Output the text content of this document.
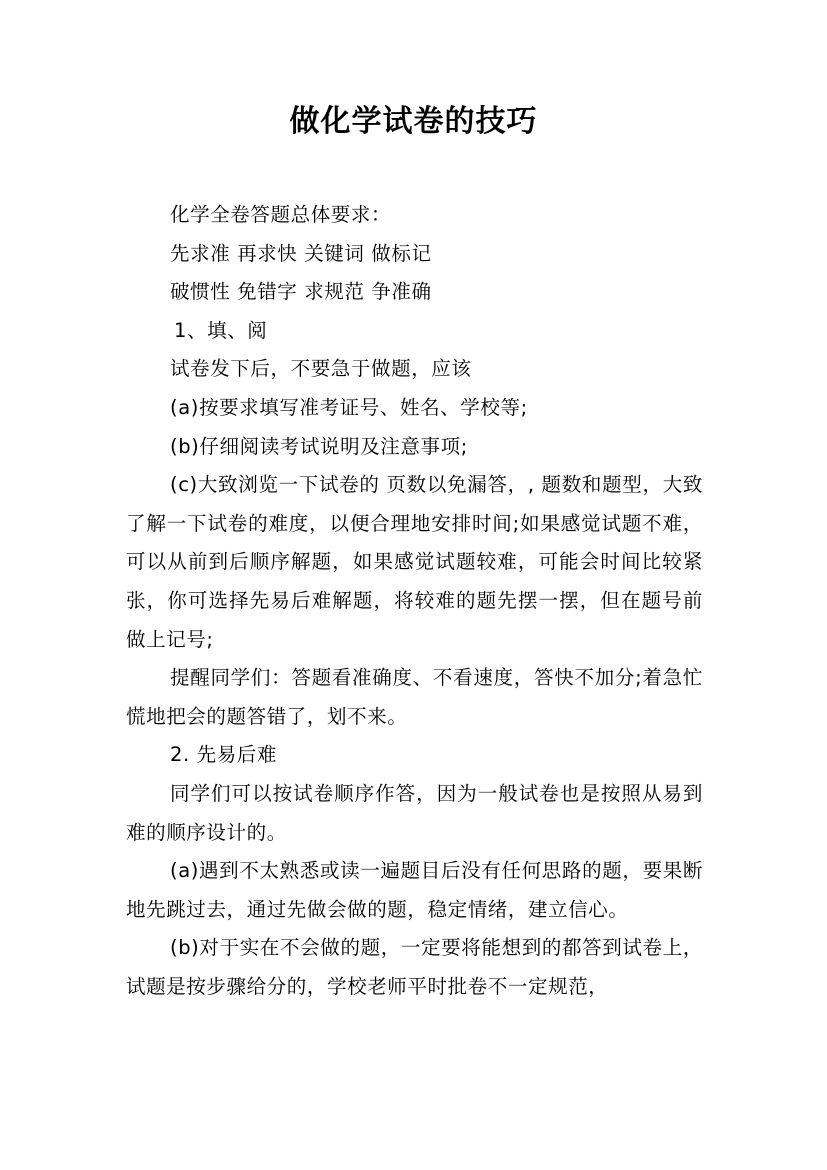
做化学试卷的技巧

化学全卷答题总体要求：

先求准 再求快 关键词 做标记

破惯性 免错字 求规范 争准确

1、填、阅

试卷发下后，不要急于做题，应该

(a)按要求填写准考证号、姓名、学校等;

(b)仔细阅读考试说明及注意事项;

(c)大致浏览一下试卷的 页数以免漏答，, 题数和题型，大致了解一下试卷的难度，以便合理地安排时间;如果感觉试题不难，可以从前到后顺序解题，如果感觉试题较难，可能会时间比较紧张，你可选择先易后难解题，将较难的题先摆一摆，但在题号前做上记号;

提醒同学们：答题看准确度、不看速度，答快不加分;着急忙慌地把会的题答错了，划不来。

2. 先易后难

同学们可以按试卷顺序作答，因为一般试卷也是按照从易到难的顺序设计的。

(a)遇到不太熟悉或读一遍题目后没有任何思路的题，要果断地先跳过去，通过先做会做的题，稳定情绪，建立信心。

(b)对于实在不会做的题，一定要将能想到的都答到试卷上，试题是按步骤给分的，学校老师平时批卷不一定规范，
